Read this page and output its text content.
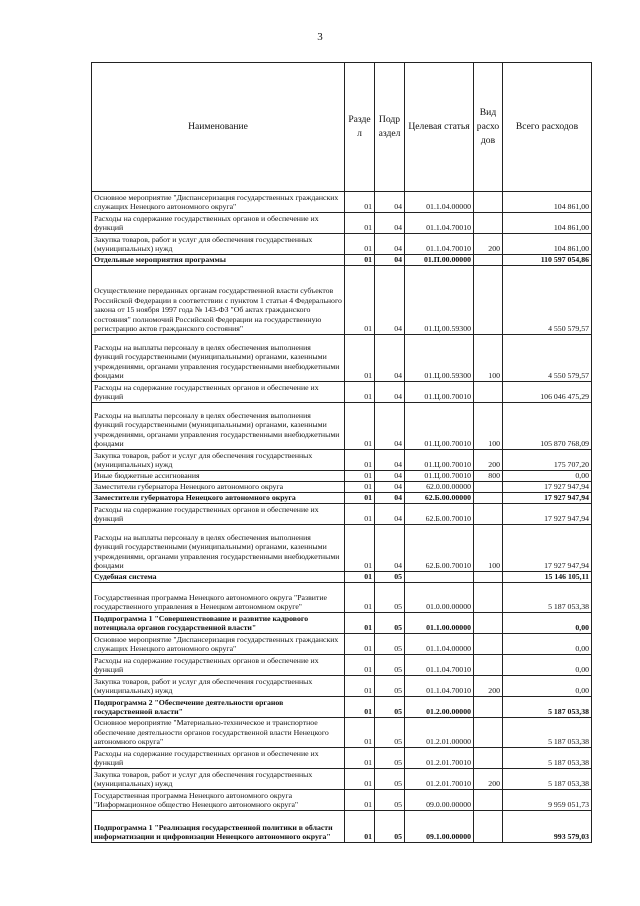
3
Наименование	Разде л	Подр аздел	Целевая статья	Вид расхо дов	Всего расходов
Основное мероприятие "Диспансеризация государственных гражданских служащих Ненецкого автономного округа"	01	04	01.1.04.00000		104 861,00
Расходы на содержание государственных органов и обеспечение их функций	01	04	01.1.04.70010		104 861,00
Закупка товаров, работ и услуг для обеспечения государственных (муниципальных) нужд	01	04	01.1.04.70010	200	104 861,00
Отдельные мероприятия программы	01	04	01.П.00.00000		110 597 054,86
Осуществление переданных органам государственной власти субъектов Российской Федерации в соответствии с пунктом 1 статьи 4 Федерального закона от 15 ноября 1997 года № 143-ФЗ "Об актах гражданского состояния" полномочий Российской Федерации на государственную регистрацию актов гражданского состояния"	01	04	01.Ц.00.59300		4 550 579,57
Расходы на выплаты персоналу в целях обеспечения выполнения функций государственными (муниципальными) органами, казенными учреждениями, органами управления государственными внебюджетными фондами	01	04	01.Ц.00.59300	100	4 550 579,57
Расходы на содержание государственных органов и обеспечение их функций	01	04	01.Ц.00.70010		106 046 475,29
Расходы на выплаты персоналу в целях обеспечения выполнения функций государственными (муниципальными) органами, казенными учреждениями, органами управления государственными внебюджетными фондами	01	04	01.Ц.00.70010	100	105 870 768,09
Закупка товаров, работ и услуг для обеспечения государственных (муниципальных) нужд	01	04	01.Ц.00.70010	200	175 707,20
Иные бюджетные ассигнования	01	04	01.Ц.00.70010	800	0,00
Заместители губернатора Ненецкого автономного округа	01	04	62.0.00.00000		17 927 947,94
Заместители губернатора Ненецкого автономного округа	01	04	62.Б.00.00000		17 927 947,94
Расходы на содержание государственных органов и обеспечение их функций	01	04	62.Б.00.70010		17 927 947,94
Расходы на выплаты персоналу в целях обеспечения выполнения функций государственными (муниципальными) органами, казенными учреждениями, органами управления государственными внебюджетными фондами	01	04	62.Б.00.70010	100	17 927 947,94
Судебная система	01	05			15 146 105,11
Государственная программа Ненецкого автономного округа "Развитие государственного управления в Ненецком автономном округе"	01	05	01.0.00.00000		5 187 053,38
Подпрограмма 1 "Совершенствование и развитие кадрового потенциала органов государственной власти"	01	05	01.1.00.00000		0,00
Основное мероприятие "Диспансеризация государственных гражданских служащих Ненецкого автономного округа"	01	05	01.1.04.00000		0,00
Расходы на содержание государственных органов и обеспечение их функций	01	05	01.1.04.70010		0,00
Закупка товаров, работ и услуг для обеспечения государственных (муниципальных) нужд	01	05	01.1.04.70010	200	0,00
Подпрограмма 2 "Обеспечение деятельности органов государственной власти"	01	05	01.2.00.00000		5 187 053,38
Основное мероприятие "Материально-техническое и транспортное обеспечение деятельности органов государственной власти Ненецкого автономного округа"	01	05	01.2.01.00000		5 187 053,38
Расходы на содержание государственных органов и обеспечение их функций	01	05	01.2.01.70010		5 187 053,38
Закупка товаров, работ и услуг для обеспечения государственных (муниципальных) нужд	01	05	01.2.01.70010	200	5 187 053,38
Государственная программа Ненецкого автономного округа "Информационное общество Ненецкого автономного округа"	01	05	09.0.00.00000		9 959 051,73
Подпрограмма 1 "Реализация государственной политики в области информатизации и цифровизации Ненецкого автономного округа"	01	05	09.1.00.00000		993 579,03
